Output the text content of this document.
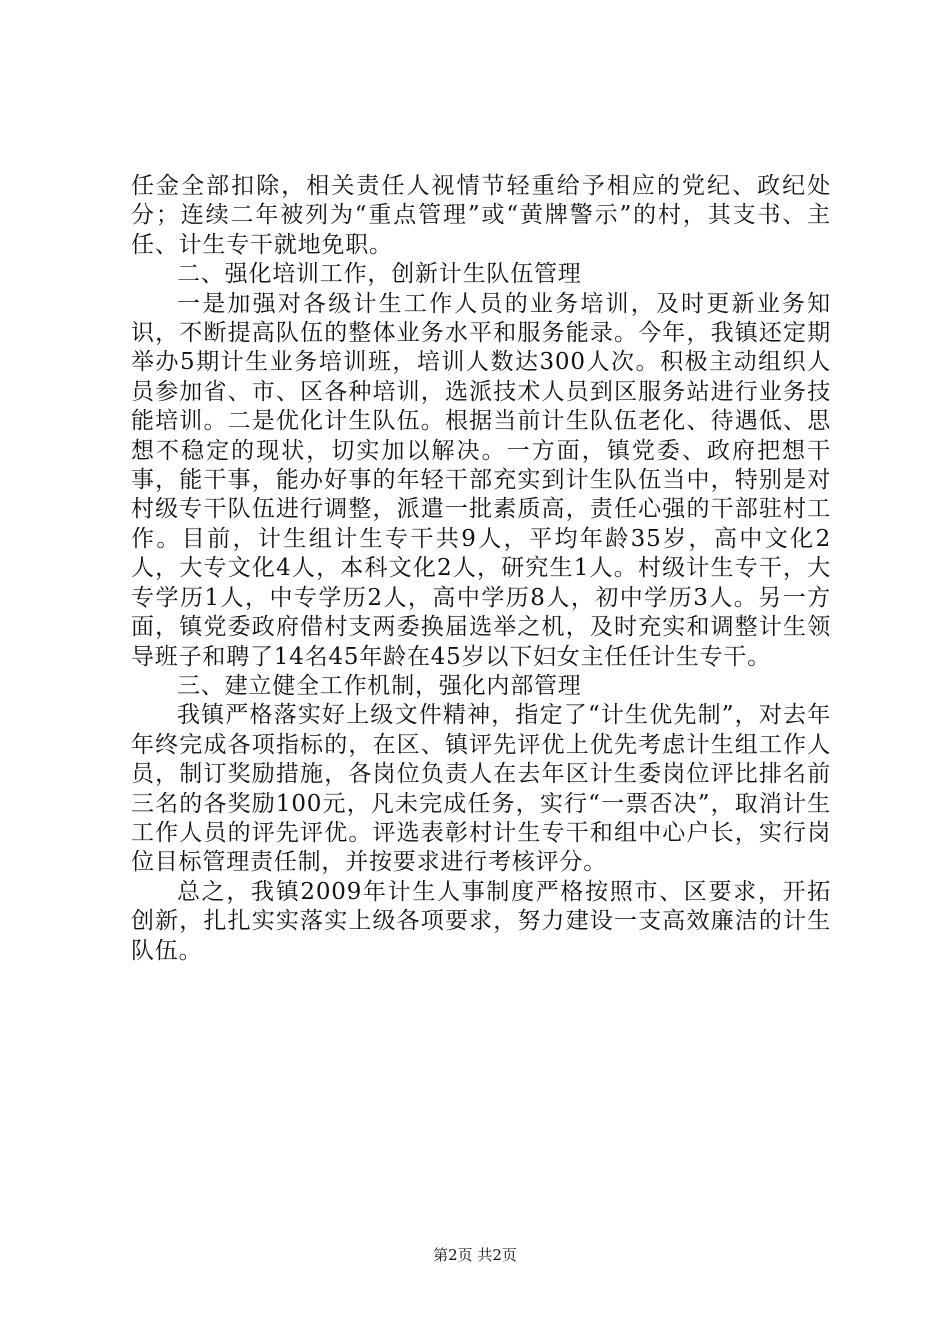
任金全部扣除，相关责任人视情节轻重给予相应的党纪、政纪处分；连续二年被列为“重点管理”或“黄牌警示”的村，其支书、主任、计生专干就地免职。

二、强化培训工作，创新计生队伍管理

一是加强对各级计生工作人员的业务培训，及时更新业务知识，不断提高队伍的整体业务水平和服务能录。今年，我镇还定期举办5期计生业务培训班，培训人数达300人次。积极主动组织人员参加省、市、区各种培训，选派技术人员到区服务站进行业务技能培训。二是优化计生队伍。根据当前计生队伍老化、待遇低、思想不稳定的现状，切实加以解决。一方面，镇党委、政府把想干事，能干事，能办好事的年轻干部充实到计生队伍当中，特别是对村级专干队伍进行调整，派遣一批素质高，责任心强的干部驻村工作。目前，计生组计生专干共9人，平均年龄35岁，高中文化2人，大专文化4人，本科文化2人，研究生1人。村级计生专干，大专学历1人，中专学历2人，高中学历8人，初中学历3人。另一方面，镇党委政府借村支两委换届选举之机，及时充实和调整计生领导班子和聘了14名45年龄在45岁以下妇女主任任计生专干。

三、建立健全工作机制，强化内部管理

我镇严格落实好上级文件精神，指定了“计生优先制”，对去年年终完成各项指标的，在区、镇评先评优上优先考虑计生组工作人员，制订奖励措施，各岗位负责人在去年区计生委岗位评比排名前三名的各奖励100元，凡未完成任务，实行“一票否决”，取消计生工作人员的评先评优。评选表彰村计生专干和组中心户长，实行岗位目标管理责任制，并按要求进行考核评分。

总之，我镇2009年计生人事制度严格按照市、区要求，开拓创新，扎扎实实落实上级各项要求，努力建设一支高效廉洁的计生队伍。

第2页 共2页
